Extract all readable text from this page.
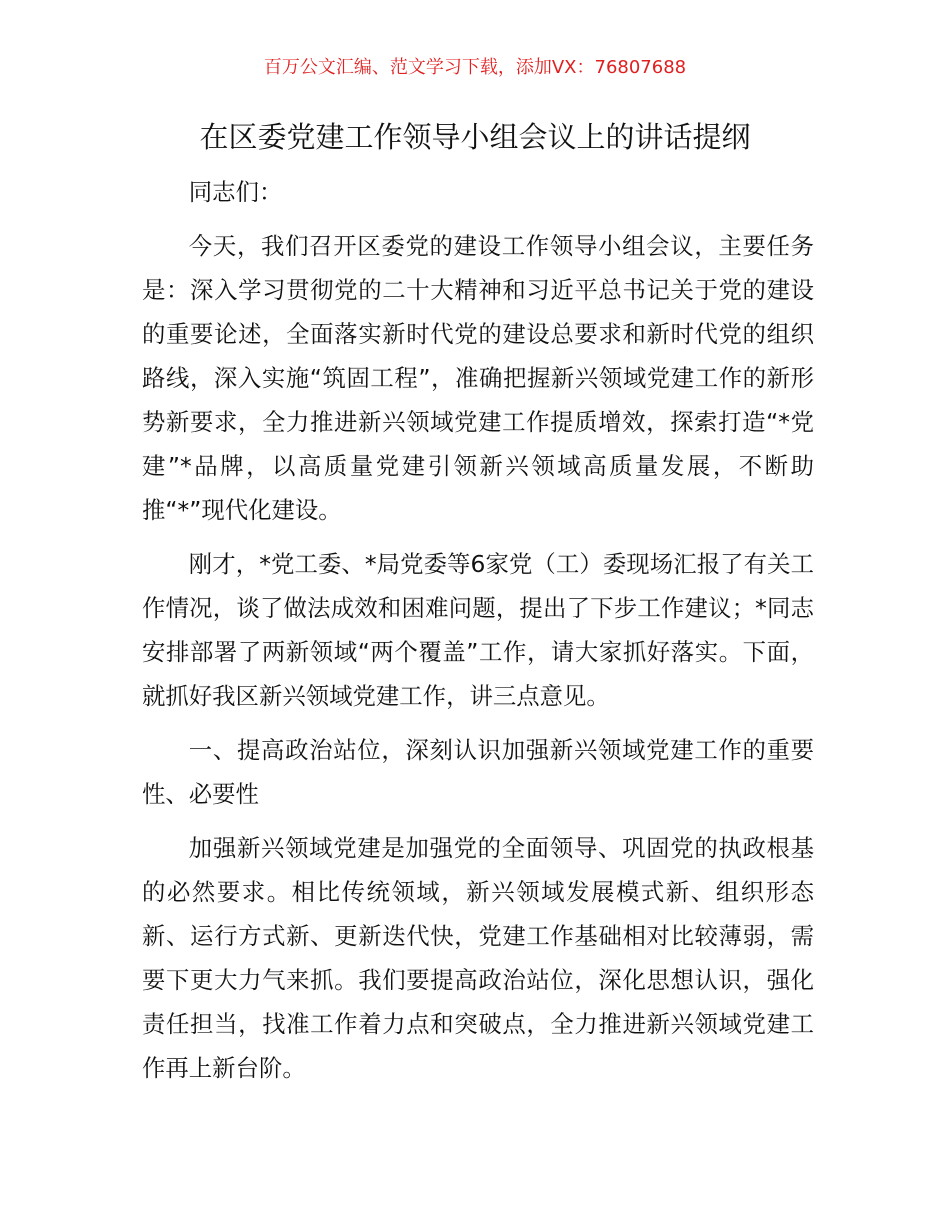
百万公文汇编、范文学习下载，添加VX：76807688
在区委党建工作领导小组会议上的讲话提纲

同志们：

今天，我们召开区委党的建设工作领导小组会议，主要任务是：深入学习贯彻党的二十大精神和习近平总书记关于党的建设的重要论述，全面落实新时代党的建设总要求和新时代党的组织路线，深入实施“筑固工程”，准确把握新兴领域党建工作的新形势新要求，全力推进新兴领域党建工作提质增效，探索打造“*党建”*品牌，以高质量党建引领新兴领域高质量发展，不断助推“*”现代化建设。

刚才，*党工委、*局党委等6家党（工）委现场汇报了有关工作情况，谈了做法成效和困难问题，提出了下步工作建议；*同志安排部署了两新领域“两个覆盖”工作，请大家抓好落实。下面，就抓好我区新兴领域党建工作，讲三点意见。

一、提高政治站位，深刻认识加强新兴领域党建工作的重要性、必要性

加强新兴领域党建是加强党的全面领导、巩固党的执政根基的必然要求。相比传统领域，新兴领域发展模式新、组织形态新、运行方式新、更新迭代快，党建工作基础相对比较薄弱，需要下更大力气来抓。我们要提高政治站位，深化思想认识，强化责任担当，找准工作着力点和突破点，全力推进新兴领域党建工作再上新台阶。
